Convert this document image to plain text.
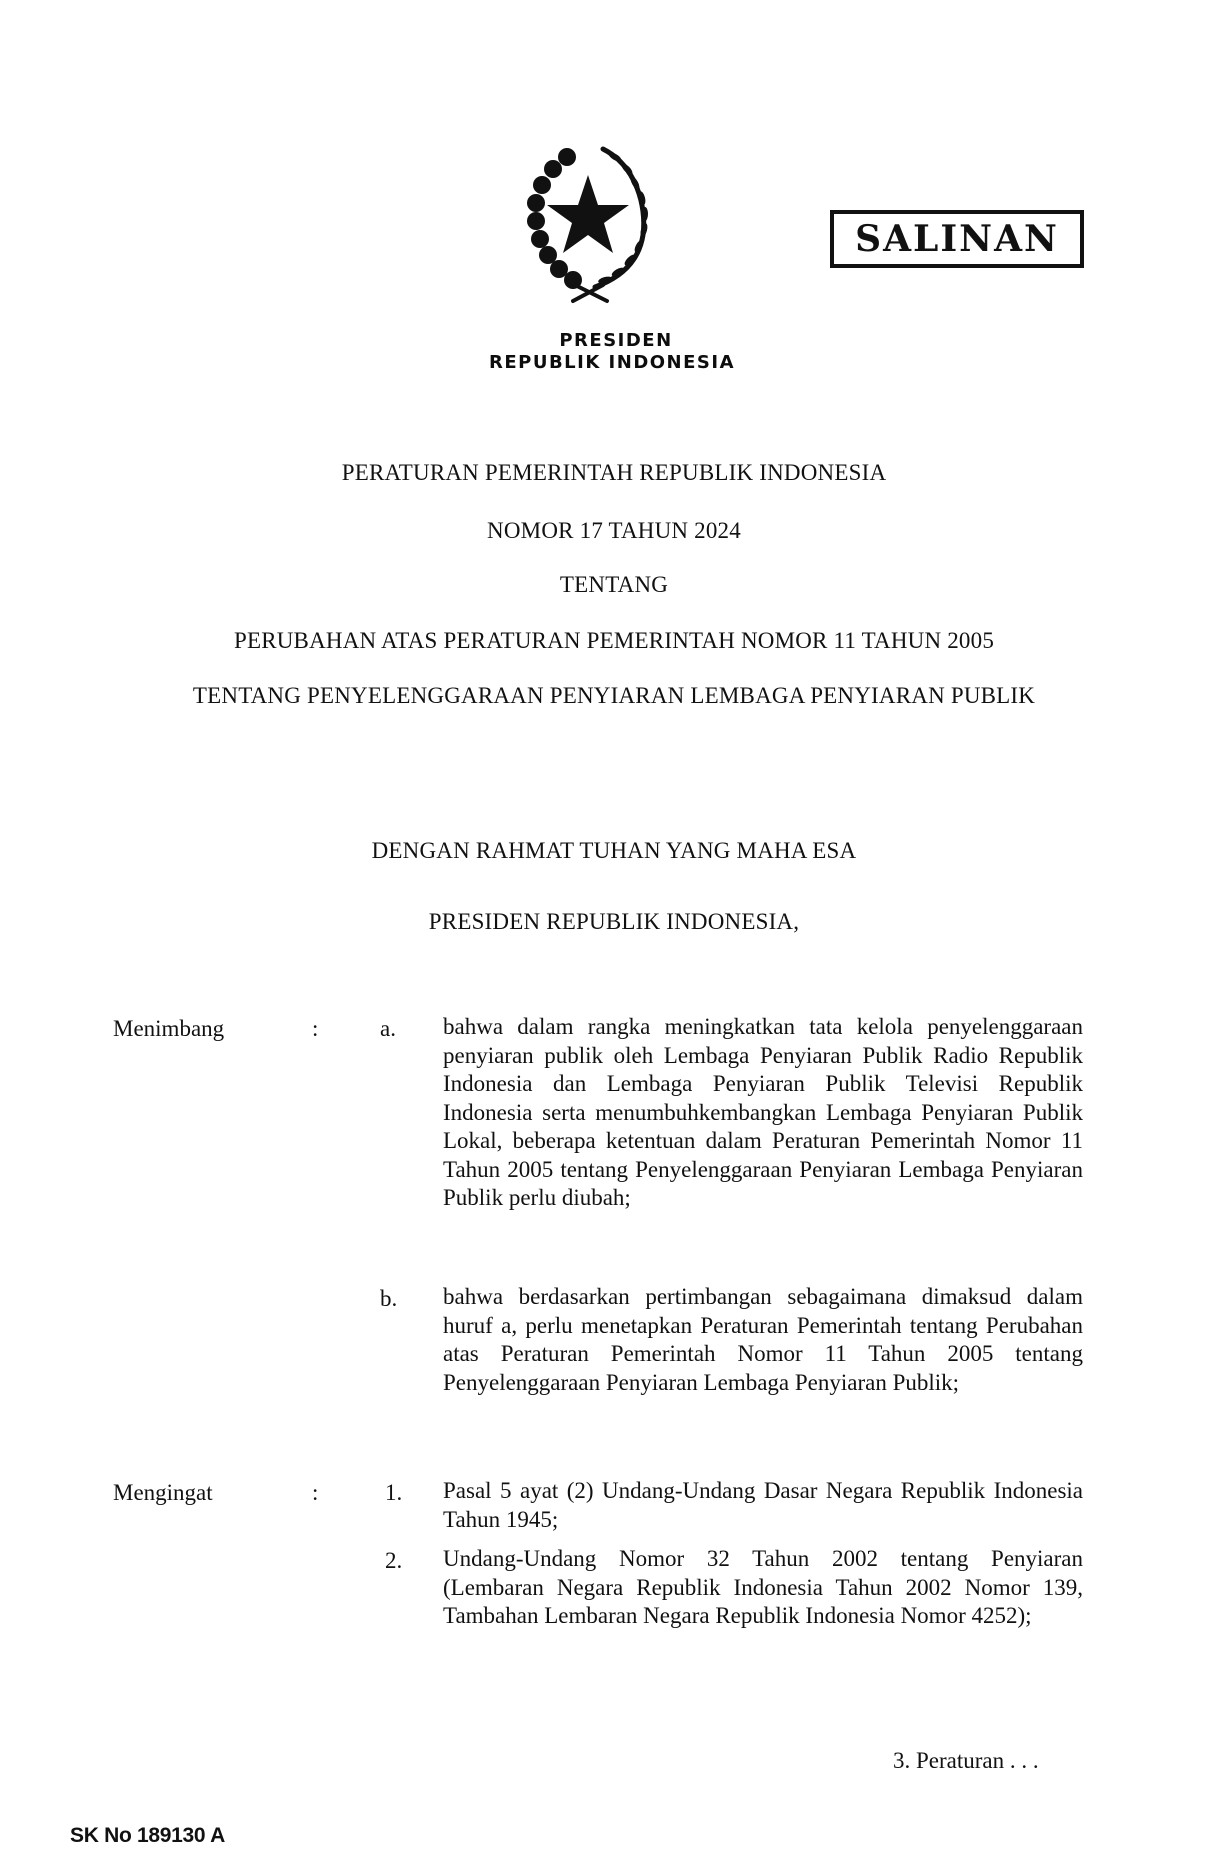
PRESIDEN
REPUBLIK INDONESIA
SALINAN
PERATURAN PEMERINTAH REPUBLIK INDONESIA
NOMOR 17 TAHUN 2024
TENTANG
PERUBAHAN ATAS PERATURAN PEMERINTAH NOMOR 11 TAHUN 2005
TENTANG PENYELENGGARAAN PENYIARAN LEMBAGA PENYIARAN PUBLIK
DENGAN RAHMAT TUHAN YANG MAHA ESA
PRESIDEN REPUBLIK INDONESIA,
Menimbang	:	a.	bahwa dalam rangka meningkatkan tata kelola penyelenggaraan penyiaran publik oleh Lembaga Penyiaran Publik Radio Republik Indonesia dan Lembaga Penyiaran Publik Televisi Republik Indonesia serta menumbuhkembangkan Lembaga Penyiaran Publik Lokal, beberapa ketentuan dalam Peraturan Pemerintah Nomor 11 Tahun 2005 tentang Penyelenggaraan Penyiaran Lembaga Penyiaran Publik perlu diubah;
b.	bahwa berdasarkan pertimbangan sebagaimana dimaksud dalam huruf a, perlu menetapkan Peraturan Pemerintah tentang Perubahan atas Peraturan Pemerintah Nomor 11 Tahun 2005 tentang Penyelenggaraan Penyiaran Lembaga Penyiaran Publik;
Mengingat	:	1.	Pasal 5 ayat (2) Undang-Undang Dasar Negara Republik Indonesia Tahun 1945;
2.	Undang-Undang Nomor 32 Tahun 2002 tentang Penyiaran (Lembaran Negara Republik Indonesia Tahun 2002 Nomor 139, Tambahan Lembaran Negara Republik Indonesia Nomor 4252);
3. Peraturan . . .
SK No 189130 A
